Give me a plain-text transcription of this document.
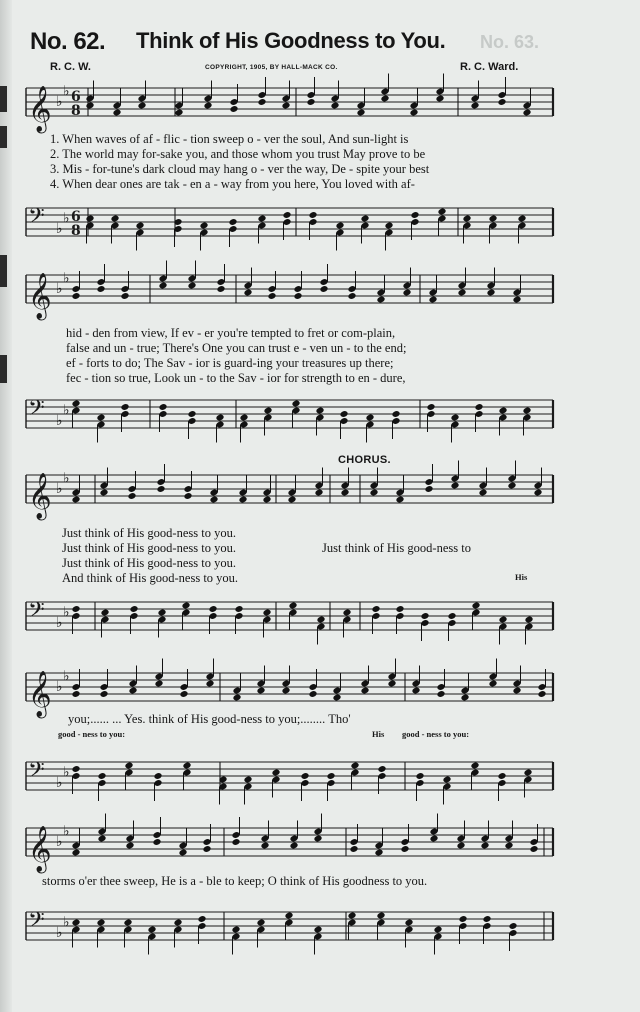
No. 62. Think of His Goodness to You. No. 63.
R. C. W.	COPYRIGHT, 1905, BY HALL-MACK CO.	R. C. Ward.
𝄞 ♭
♭ 6
8
1. When waves of af - flic - tion sweep o - ver the soul, And sun-light is
2. The world may for-sake you, and those whom you trust May prove to be
3. Mis - for-tune's dark cloud may hang o - ver the way, De - spite your best
4. When dear ones are tak - en a - way from you here, You loved with af-
𝄢 ♭
♭ 6
8
𝄞 ♭
♭
hid - den from view, If ev - er you're tempted to fret or com-plain,
false and un - true; There's One you can trust e - ven un - to the end;
ef - forts to do; The Sav - ior is guard-ing your treasures up there;
fec - tion so true, Look un - to the Sav - ior for strength to en - dure,
𝄢 ♭
♭
CHORUS.
𝄞 ♭
♭
Just think of His good-ness to you.
Just think of His good-ness to
Just think of His good-ness to you.
Just think of His good-ness to you.
And think of His good-ness to you.	His
𝄢 ♭
♭
𝄞 ♭
♭
you;...... ... Yes. think of His good-ness to you;........ Tho'
good - ness to you:	His good - ness to you:
𝄢 ♭
♭
𝄞 ♭
♭
storms o'er thee sweep, He is a - ble to keep; O think of His goodness to you.
𝄢 ♭
♭
